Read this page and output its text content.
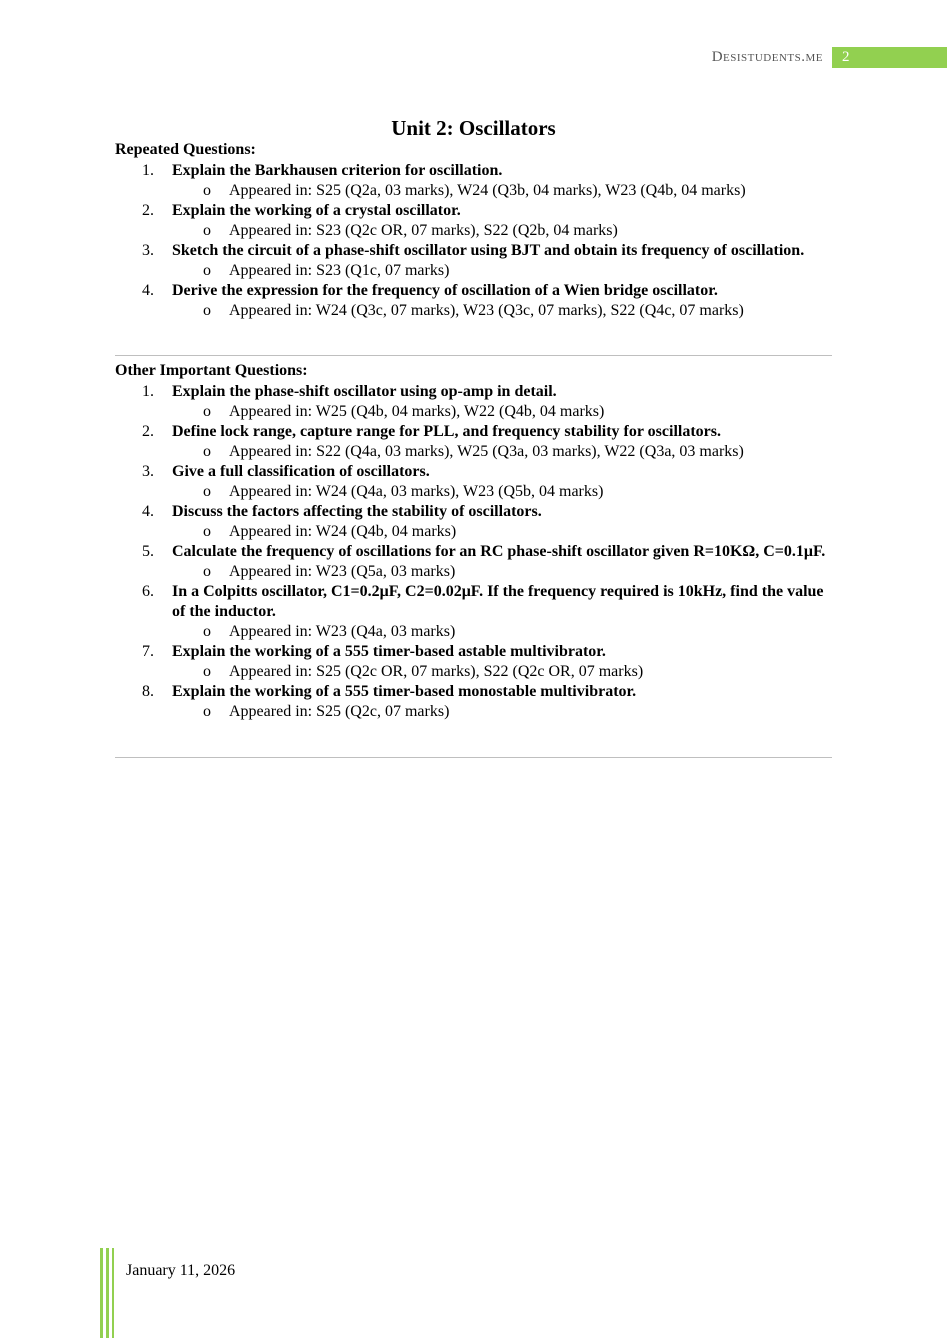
Desistudents.me	2
Unit 2: Oscillators
Repeated Questions:
1. Explain the Barkhausen criterion for oscillation.
o Appeared in: S25 (Q2a, 03 marks), W24 (Q3b, 04 marks), W23 (Q4b, 04 marks)
2. Explain the working of a crystal oscillator.
o Appeared in: S23 (Q2c OR, 07 marks), S22 (Q2b, 04 marks)
3. Sketch the circuit of a phase-shift oscillator using BJT and obtain its frequency of oscillation.
o Appeared in: S23 (Q1c, 07 marks)
4. Derive the expression for the frequency of oscillation of a Wien bridge oscillator.
o Appeared in: W24 (Q3c, 07 marks), W23 (Q3c, 07 marks), S22 (Q4c, 07 marks)
Other Important Questions:
1. Explain the phase-shift oscillator using op-amp in detail.
o Appeared in: W25 (Q4b, 04 marks), W22 (Q4b, 04 marks)
2. Define lock range, capture range for PLL, and frequency stability for oscillators.
o Appeared in: S22 (Q4a, 03 marks), W25 (Q3a, 03 marks), W22 (Q3a, 03 marks)
3. Give a full classification of oscillators.
o Appeared in: W24 (Q4a, 03 marks), W23 (Q5b, 04 marks)
4. Discuss the factors affecting the stability of oscillators.
o Appeared in: W24 (Q4b, 04 marks)
5. Calculate the frequency of oscillations for an RC phase-shift oscillator given R=10KΩ, C=0.1μF.
o Appeared in: W23 (Q5a, 03 marks)
6. In a Colpitts oscillator, C1=0.2μF, C2=0.02μF. If the frequency required is 10kHz, find the value of the inductor.
o Appeared in: W23 (Q4a, 03 marks)
7. Explain the working of a 555 timer-based astable multivibrator.
o Appeared in: S25 (Q2c OR, 07 marks), S22 (Q2c OR, 07 marks)
8. Explain the working of a 555 timer-based monostable multivibrator.
o Appeared in: S25 (Q2c, 07 marks)
January 11, 2026
